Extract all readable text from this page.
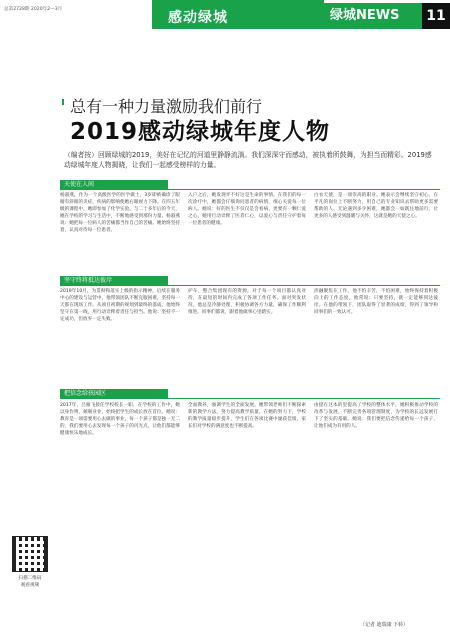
总第2728期 2020年2—3月
感动绿城	绿城NEWS	11
总有一种力量激励我们前行
2019感动绿城年度人物
（编者按）回顾绿城的2019，美好在记忆的河道里静静流淌。我们深深守而感动，被执着所鼓舞，为担当而精彩。2019感动绿城年度人物揭晓，让我们一起感受榜样的力量。
天使在人间
杨淑燕，作为一个高级医学的医学做土，3岁即被确诊了眼睛有斜眼的炎症，疾病的影响使她右眼视力下降。在四五年级的课程中，她即参加了化学实验，与二十多年后的今天，她在学校的学习与生活中，不断地感受到那份力量。杨淑燕说：她把每一位病人的苦痛都当作自己的苦痛。她始终坚持着，认真对待每一位患者。
入户之后，她发现弄不好这是生命的事情。在我们的每一次诊疗中，她都会仔细询问患者的病情，细心关爱每一位病人。她说：好的医生不仅仅是会看病，更要有一颗仁爱之心。她用行动诠释了医者仁心，以爱心与责任守护着每一位患者的健康。
白衣天使，是一项崇高的职业。她表示会继续坚守初心，在平凡的岗位上不断努力，用自己的专业知识去帮助更多需要帮助的人。无论遇到多少困难，她都会一如既往地前行，让更多的人感受到温暖与关怀，这就是她的天使之心。
坚守终将抵达彼岸
2019年10月，为贯彻和落实上级的指示精神，后续在服务中心的建设与运营中，他带领团队不断克服困难，坚持每一天都在现场工作。从项目初期的规划到最终的落成，他始终坚守在第一线，用行动诠释着责任与担当。他说：坚持不一定成功，但放弃一定失败。
护车，整合集团现有的资源，对于每一个项目都认真对待，在最短的时间内完成了各项工作任务。面对突发状况，他总是冷静处理，积极协调各方力量，确保工作顺利推进。同事们都说，跟着他做事心里踏实。
淡融聚焦在工作，他不怕辛苦，不怕困难，始终保持着积极向上的工作态度。他常说：只要坚持，就一定能够到达彼岸。在他的带领下，团队取得了显著的成绩，得到了领导和同事们的一致认可。
把信念给孩园区
2017年，吕雁飞接任学校校长一职，在学校的工作中，她以身作则，兢兢业业，始终把学生的成长放在首位。她说：教育是一项需要用心去做的事业，每一个孩子都是独一无二的，我们要用心去发现每一个孩子的闪光点，让他们都能够健康快乐地成长。
全面教养，强调学生的全面发展。她带领老师们不断探索新的教学方法，努力提高教学质量。在她的努力下，学校的教学质量稳步提升，学生们在各项比赛中屡获佳绩，家长们对学校的满意度也不断提高。
由提在这本的里提高了学校的整体水平，她积极推动学校的改革与发展，不断完善各项管理制度，为学校的长远发展打下了坚实的基础。她说：我们要把信念传递给每一个孩子，让他们成为有用的人。
扫描二维码
观看视频
（记者 迪瑞康 下转）
